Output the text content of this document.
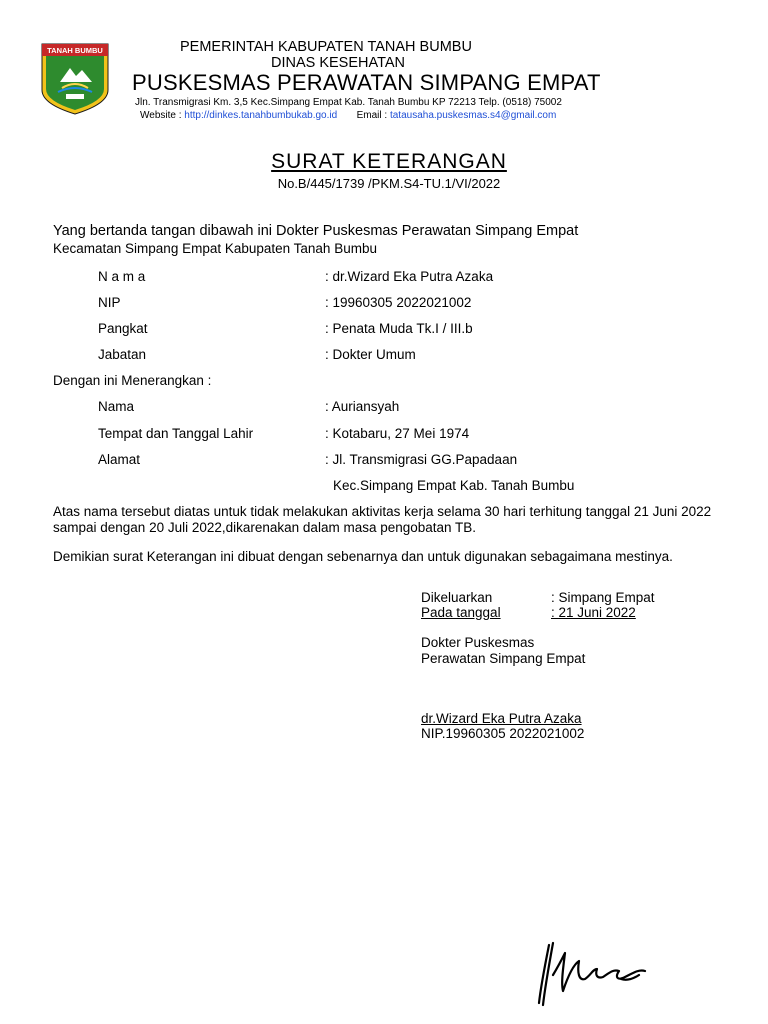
TANAH BUMBU	PEMERINTAH KABUPATEN TANAH BUMBU
DINAS KESEHATAN
PUSKESMAS PERAWATAN SIMPANG EMPAT
Jln. Transmigrasi Km. 3,5 Kec.Simpang Empat Kab. Tanah Bumbu KP 72213 Telp. (0518) 75002
Website : http://dinkes.tanahbumbukab.go.id Email : tatausaha.puskesmas.s4@gmail.com
SURAT KETERANGAN
No.B/445/1739 /PKM.S4-TU.1/VI/2022
Yang bertanda tangan dibawah ini Dokter Puskesmas Perawatan Simpang Empat
Kecamatan Simpang Empat Kabupaten Tanah Bumbu
N a m a	: dr.Wizard Eka Putra Azaka
NIP	: 19960305 2022021002
Pangkat	: Penata Muda Tk.I / III.b
Jabatan	: Dokter Umum
Dengan ini Menerangkan :
Nama	: Auriansyah
Tempat dan Tanggal Lahir	: Kotabaru, 27 Mei 1974
Alamat	: Jl. Transmigrasi GG.Papadaan
Kec.Simpang Empat Kab. Tanah Bumbu
Atas nama tersebut diatas untuk tidak melakukan aktivitas kerja selama 30 hari terhitung tanggal 21 Juni 2022 sampai dengan 20 Juli 2022,dikarenakan dalam masa pengobatan TB.
Demikian surat Keterangan ini dibuat dengan sebenarnya dan untuk digunakan sebagaimana mestinya.
Dikeluarkan	: Simpang Empat
Pada tanggal	: 21 Juni 2022
Dokter Puskesmas
Perawatan Simpang Empat
dr.Wizard Eka Putra Azaka
NIP.19960305 2022021002
